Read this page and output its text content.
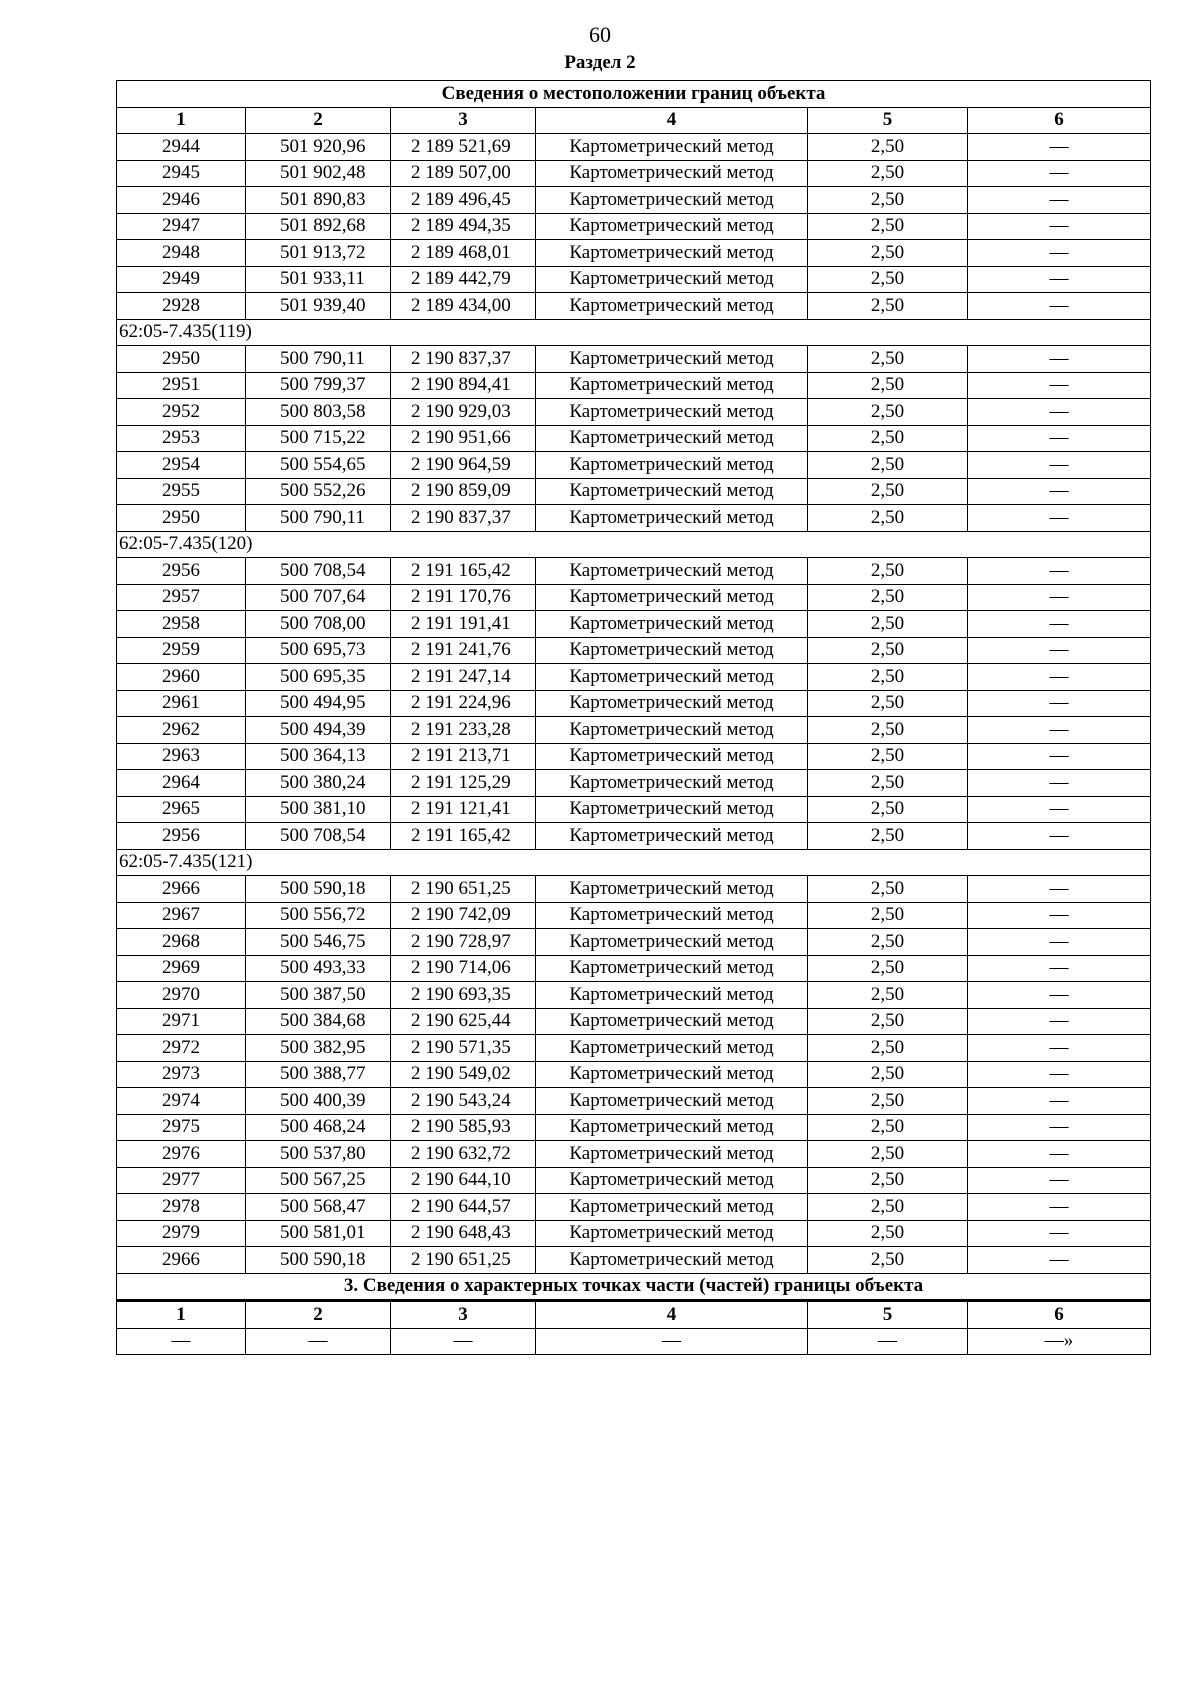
60
Раздел 2
Сведения о местоположении границ объекта					
1	2	3	4	5	6
2944	501 920,96	2 189 521,69	Картометрический метод	2,50	—
2945	501 902,48	2 189 507,00	Картометрический метод	2,50	—
2946	501 890,83	2 189 496,45	Картометрический метод	2,50	—
2947	501 892,68	2 189 494,35	Картометрический метод	2,50	—
2948	501 913,72	2 189 468,01	Картометрический метод	2,50	—
2949	501 933,11	2 189 442,79	Картометрический метод	2,50	—
2928	501 939,40	2 189 434,00	Картометрический метод	2,50	—
62:05-7.435(119)					
2950	500 790,11	2 190 837,37	Картометрический метод	2,50	—
2951	500 799,37	2 190 894,41	Картометрический метод	2,50	—
2952	500 803,58	2 190 929,03	Картометрический метод	2,50	—
2953	500 715,22	2 190 951,66	Картометрический метод	2,50	—
2954	500 554,65	2 190 964,59	Картометрический метод	2,50	—
2955	500 552,26	2 190 859,09	Картометрический метод	2,50	—
2950	500 790,11	2 190 837,37	Картометрический метод	2,50	—
62:05-7.435(120)					
2956	500 708,54	2 191 165,42	Картометрический метод	2,50	—
2957	500 707,64	2 191 170,76	Картометрический метод	2,50	—
2958	500 708,00	2 191 191,41	Картометрический метод	2,50	—
2959	500 695,73	2 191 241,76	Картометрический метод	2,50	—
2960	500 695,35	2 191 247,14	Картометрический метод	2,50	—
2961	500 494,95	2 191 224,96	Картометрический метод	2,50	—
2962	500 494,39	2 191 233,28	Картометрический метод	2,50	—
2963	500 364,13	2 191 213,71	Картометрический метод	2,50	—
2964	500 380,24	2 191 125,29	Картометрический метод	2,50	—
2965	500 381,10	2 191 121,41	Картометрический метод	2,50	—
2956	500 708,54	2 191 165,42	Картометрический метод	2,50	—
62:05-7.435(121)					
2966	500 590,18	2 190 651,25	Картометрический метод	2,50	—
2967	500 556,72	2 190 742,09	Картометрический метод	2,50	—
2968	500 546,75	2 190 728,97	Картометрический метод	2,50	—
2969	500 493,33	2 190 714,06	Картометрический метод	2,50	—
2970	500 387,50	2 190 693,35	Картометрический метод	2,50	—
2971	500 384,68	2 190 625,44	Картометрический метод	2,50	—
2972	500 382,95	2 190 571,35	Картометрический метод	2,50	—
2973	500 388,77	2 190 549,02	Картометрический метод	2,50	—
2974	500 400,39	2 190 543,24	Картометрический метод	2,50	—
2975	500 468,24	2 190 585,93	Картометрический метод	2,50	—
2976	500 537,80	2 190 632,72	Картометрический метод	2,50	—
2977	500 567,25	2 190 644,10	Картометрический метод	2,50	—
2978	500 568,47	2 190 644,57	Картометрический метод	2,50	—
2979	500 581,01	2 190 648,43	Картометрический метод	2,50	—
2966	500 590,18	2 190 651,25	Картометрический метод	2,50	—
3. Сведения о характерных точках части (частей) границы объекта					
1	2	3	4	5	6
—	—	—	—	—	—»
